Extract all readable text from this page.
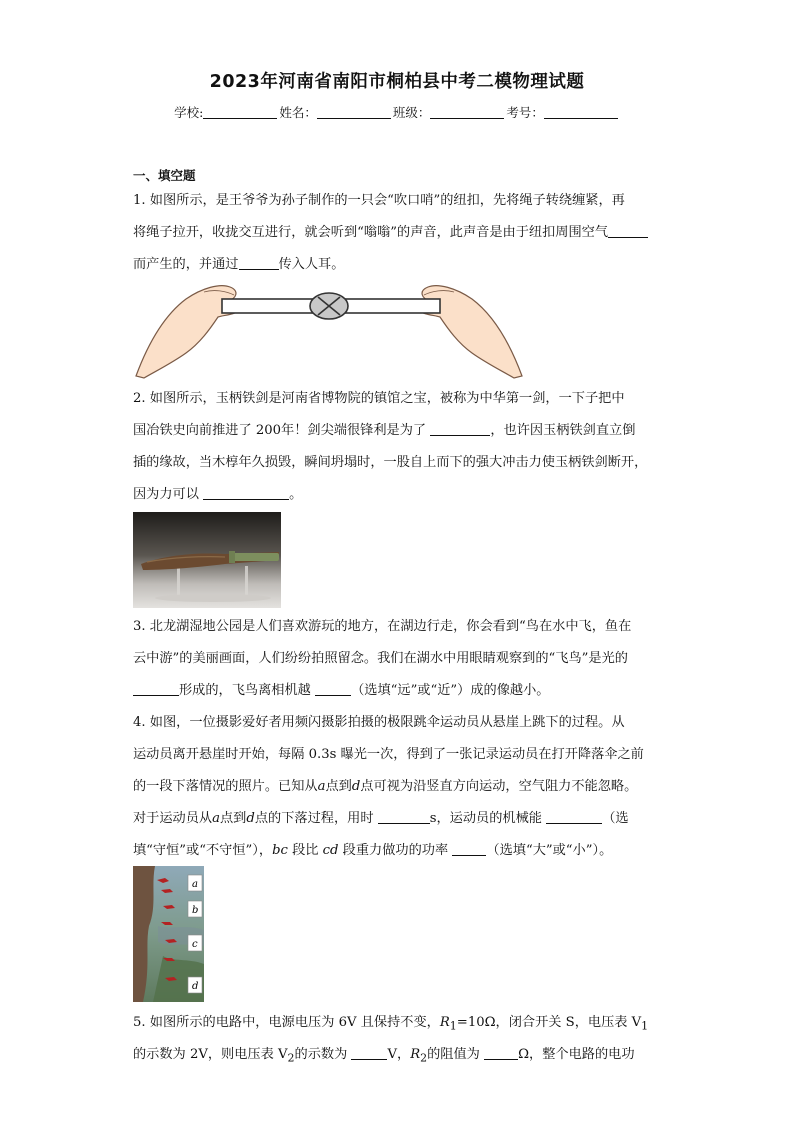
2023年河南省南阳市桐柏县中考二模物理试题
学校:	姓名：	班级：	考号：
一、填空题
1. 如图所示，是王爷爷为孙子制作的一只会“吹口哨”的纽扣，先将绳子转绕缠紧，再
将绳子拉开，收拢交互进行，就会听到“嗡嗡”的声音，此声音是由于纽扣周围空气
而产生的，并通过	传入人耳。
2. 如图所示，玉柄铁剑是河南省博物院的镇馆之宝，被称为中华第一剑，一下子把中
国冶铁史向前推进了 200年！剑尖端很锋利是为了	，也许因玉柄铁剑直立倒
插的缘故，当木椁年久损毁，瞬间坍塌时，一股自上而下的强大冲击力使玉柄铁剑断开，
因为力可以	。
3. 北龙湖湿地公园是人们喜欢游玩的地方，在湖边行走，你会看到“鸟在水中飞，鱼在
云中游”的美丽画面，人们纷纷拍照留念。我们在湖水中用眼睛观察到的“飞鸟”是光的
形成的，飞鸟离相机越	（选填“远”或“近”）成的像越小。
4. 如图，一位摄影爱好者用频闪摄影拍摄的极限跳伞运动员从悬崖上跳下的过程。从
运动员离开悬崖时开始，每隔 0.3s 曝光一次，得到了一张记录运动员在打开降落伞之前
的一段下落情况的照片。已知从a点到d点可视为沿竖直方向运动，空气阻力不能忽略。
对于运动员从a点到d点的下落过程，用时	s，运动员的机械能	（选
填“守恒”或“不守恒”），bc 段比 cd 段重力做功的功率	（选填“大”或“小”）。
a
b
c
d
5. 如图所示的电路中，电源电压为 6V 且保持不变，$R_1=10\Omega$，闭合开关 S，电压表 $V_1$
的示数为 2V，则电压表 $V_2$的示数为	V，$R_2$的阻值为	Ω，整个电路的电功
